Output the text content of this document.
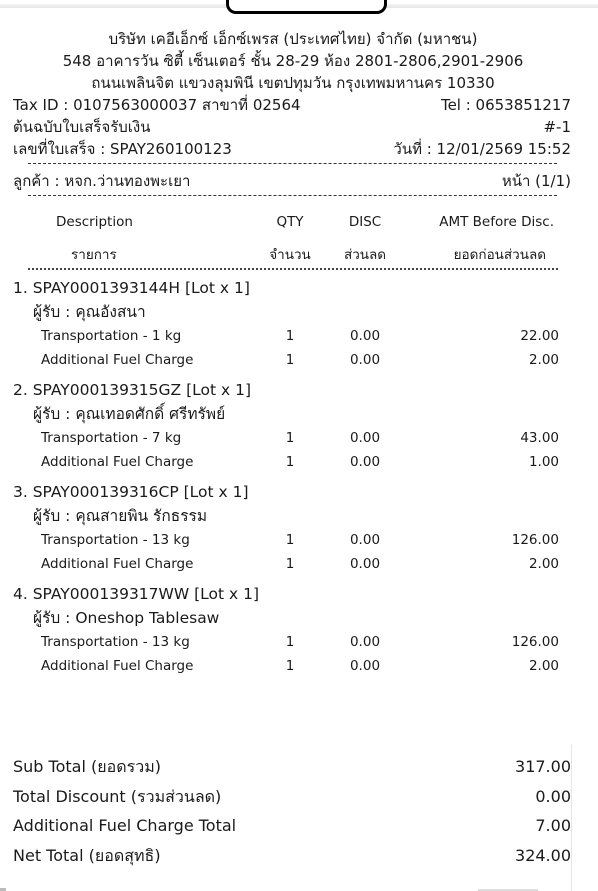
บริษัท เคอีเอ็กซ์ เอ็กซ์เพรส (ประเทศไทย) จำกัด (มหาชน)
548 อาคารวัน ซิตี้ เซ็นเตอร์ ชั้น 28-29 ห้อง 2801-2806,2901-2906
ถนนเพลินจิต แขวงลุมพินี เขตปทุมวัน กรุงเทพมหานคร 10330
Tax ID : 0107563000037 สาขาที่ 02564	Tel : 0653851217
ต้นฉบับใบเสร็จรับเงิน	#-1
เลขที่ใบเสร็จ : SPAY260100123	วันที่ : 12/01/2569 15:52
ลูกค้า : หจก.ว่านทองพะเยา	หน้า (1/1)
Description	QTY	DISC	AMT Before Disc.
รายการ	จำนวน	ส่วนลด	ยอดก่อนส่วนลด
1. SPAY0001393144H [Lot x 1]
ผู้รับ : คุณอังสนา
Transportation - 1 kg	1	0.00	22.00
Additional Fuel Charge	1	0.00	2.00
2. SPAY000139315GZ [Lot x 1]
ผู้รับ : คุณเทอดศักดิ์ ศรีทรัพย์
Transportation - 7 kg	1	0.00	43.00
Additional Fuel Charge	1	0.00	1.00
3. SPAY000139316CP [Lot x 1]
ผู้รับ : คุณสายพิน รักธรรม
Transportation - 13 kg	1	0.00	126.00
Additional Fuel Charge	1	0.00	2.00
4. SPAY000139317WW [Lot x 1]
ผู้รับ : Oneshop Tablesaw
Transportation - 13 kg	1	0.00	126.00
Additional Fuel Charge	1	0.00	2.00
Sub Total (ยอดรวม)	317.00
Total Discount (รวมส่วนลด)	0.00
Additional Fuel Charge Total	7.00
Net Total (ยอดสุทธิ)	324.00
